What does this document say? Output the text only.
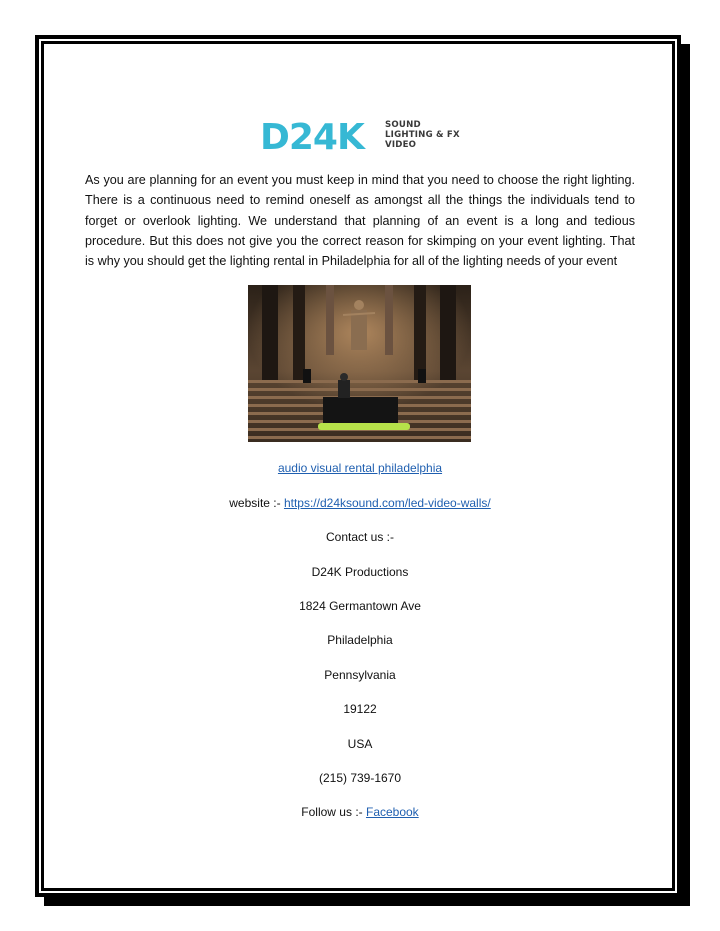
D24K SOUND
LIGHTING & FX
VIDEO
As you are planning for an event you must keep in mind that you need to choose the right lighting. There is a continuous need to remind oneself as amongst all the things the individuals tend to forget or overlook lighting. We understand that planning of an event is a long and tedious procedure. But this does not give you the correct reason for skimping on your event lighting. That is why you should get the lighting rental in Philadelphia for all of the lighting needs of your event
audio visual rental philadelphia
website :- https://d24ksound.com/led-video-walls/
Contact us :-
D24K Productions
1824 Germantown Ave
Philadelphia
Pennsylvania
19122
USA
(215) 739-1670
Follow us :- Facebook
